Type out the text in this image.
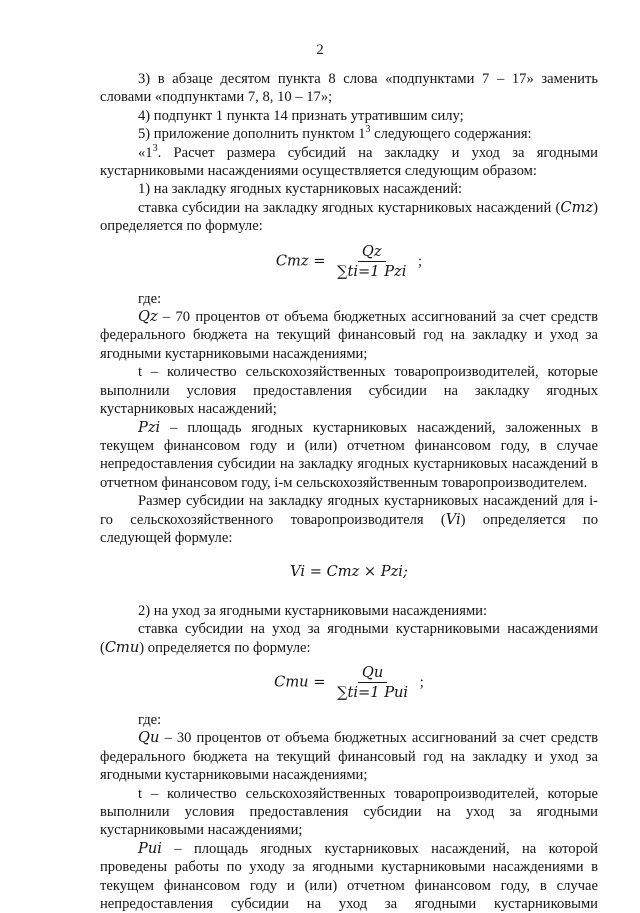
2

3) в абзаце десятом пункта 8 слова «подпунктами 7 – 17» заменить словами «подпунктами 7, 8, 10 – 17»;

4) подпункт 1 пункта 14 признать утратившим силу;

5) приложение дополнить пунктом $1^3$ следующего содержания:

«$1^3$. Расчет размера субсидий на закладку и уход за ягодными кустарниковыми насаждениями осуществляется следующим образом:

1) на закладку ягодных кустарниковых насаждений:

ставка субсидии на закладку ягодных кустарниковых насаждений (Cmz) определяется по формуле:

Cmz = $\frac{Qz}{\text{∑ti=1 Pzi}}$ ;

где:

Qz – 70 процентов от объема бюджетных ассигнований за счет средств федерального бюджета на текущий финансовый год на закладку и уход за ягодными кустарниковыми насаждениями;

t – количество сельскохозяйственных товаропроизводителей, которые выполнили условия предоставления субсидии на закладку ягодных кустарниковых насаждений;

Pzi – площадь ягодных кустарниковых насаждений, заложенных в текущем финансовом году и (или) отчетном финансовом году, в случае непредоставления субсидии на закладку ягодных кустарниковых насаждений в отчетном финансовом году, i-м сельскохозяйственным товаропроизводителем.

Размер субсидии на закладку ягодных кустарниковых насаждений для i-го сельскохозяйственного товаропроизводителя (Vi) определяется по следующей формуле:

Vi = Cmz × Pzi;

2) на уход за ягодными кустарниковыми насаждениями:

ставка субсидии на уход за ягодными кустарниковыми насаждениями (Cmu) определяется по формуле:

Cmu = $\frac{Qu}{\text{∑ti=1 Pui}}$ ;

где:

Qu – 30 процентов от объема бюджетных ассигнований за счет средств федерального бюджета на текущий финансовый год на закладку и уход за ягодными кустарниковыми насаждениями;

t – количество сельскохозяйственных товаропроизводителей, которые выполнили условия предоставления субсидии на уход за ягодными кустарниковыми насаждениями;

Pui – площадь ягодных кустарниковых насаждений, на которой проведены работы по уходу за ягодными кустарниковыми насаждениями в текущем финансовом году и (или) отчетном финансовом году, в случае непредоставления субсидии на уход за ягодными кустарниковыми
